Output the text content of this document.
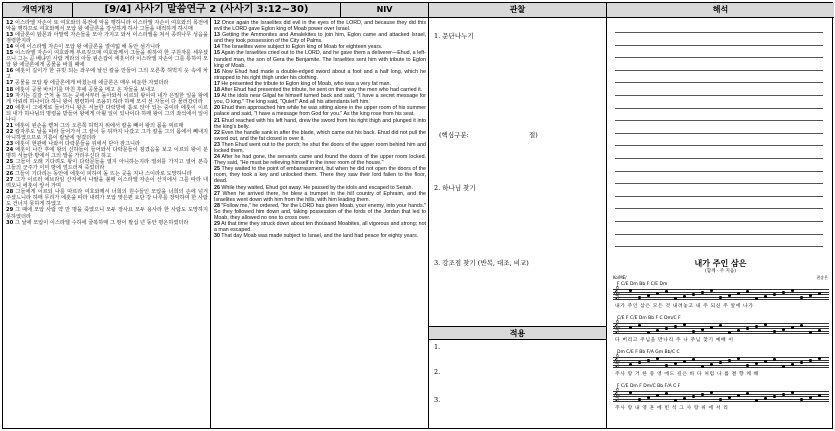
개역개정	[9/4] 사사기 말씀연구 2 (사사기 3:12~30)	NIV	관찰	해석
12 이스라엘 자손이 또 여호와의 목전에 악을 행하니라 이스라엘 자손이 여호와의 목전에 악을 행하므로 여호와께서 모압 왕 에글론을 강성하게 하사 그들을 대적하게 하시매
13 에글론이 암몬과 아말렉 자손들을 모아 가지고 와서 이스라엘을 쳐서 종려나무 성읍을 점령한지라
14 이에 이스라엘 자손이 모압 왕 에글론을 열여덟 해 동안 섬기니라
15 이스라엘 자손이 여호와께 부르짖으매 여호와께서 그들을 위하여 한 구원자를 세우셨으니 그는 곧 베냐민 사람 게라의 아들 왼손잡이 에훗이라 이스라엘 자손이 그를 통하여 모압 왕 에글론에게 공물을 바칠 때에
16 에훗이 길이가 한 규빗 되는 좌우에 날선 칼을 만들어 그의 오른쪽 허벅지 옷 속에 차고
17 공물을 모압 왕 에글론에게 바쳤는데 에글론은 매우 비둔한 자였더라
18 에훗이 공물 바치기를 마친 후에 공물을 메고 온 자들을 보내고
19 자기는 길갈 근처 돌 뜨는 곳에서부터 돌아와서 이르되 왕이여 내가 은밀한 일을 왕에게 아뢰려 하나이다 하니 왕이 명령하여 조용히 하라 하매 모셔 선 자들이 다 물러갔더라
20 에훗이 그에게로 들어가니 왕은 서늘한 다락방에 홀로 앉아 있는 중이라 에훗이 이르되 내가 하나님의 명령을 받들어 왕에게 아뢸 일이 있나이다 하매 왕이 그의 좌석에서 일어나니
21 에훗이 왼손을 뻗쳐 그의 오른쪽 허벅지 위에서 칼을 빼어 왕의 몸을 찌르매
22 칼자루도 날을 따라 들어가서 그 끝이 등 뒤까지 나갔고 그가 칼을 그의 몸에서 빼내지 아니하였으므로 기름이 칼날에 엉겼더라
23 에훗이 현관에 나와서 다락문들을 뒤에서 닫아 잠그니라
24 에훗이 나간 후에 왕의 신하들이 들어와서 다락문들이 잠겼음을 보고 이르되 왕이 분명히 서늘한 방에서 그의 발을 가리우신다 하고
25 그들이 오래 기다려도 왕이 다락문들을 열지 아니하는지라 열쇠를 가지고 열어 본즉 그들의 군주가 이미 땅에 엎드러져 죽었더라
26 그들이 기다리는 동안에 에훗이 피하여 돌 뜨는 곳을 지나 스이라로 도망하니라
27 그가 이르러 에브라임 산지에서 나팔을 불매 이스라엘 자손이 산지에서 그를 따라 내려오니 에훗이 앞서 가며
28 그들에게 이르되 나를 따르라 여호와께서 너희의 원수들인 모압을 너희의 손에 넘겨 주셨느니라 하매 무리가 에훗을 따라 내려가 모압 맞은편 요단 강 나루를 장악하여 한 사람도 건너지 못하게 하였고
29 그 때에 모압 사람 약 만 명을 죽였으니 모두 장사요 모두 용사라 한 사람도 도망하지 못하였더라
30 그 날에 모압이 이스라엘 수하에 굴복하매 그 땅이 팔십 년 동안 평온하였더라
12 Once again the Israelites did evil in the eyes of the LORD, and because they did this evil the LORD gave Eglon king of Moab power over Israel.
13 Getting the Ammonites and Amalekites to join him, Eglon came and attacked Israel, and they took possession of the City of Palms.
14 The Israelites were subject to Eglon king of Moab for eighteen years.
15 Again the Israelites cried out to the LORD, and he gave them a deliverer—Ehud, a left-handed man, the son of Gera the Benjamite. The Israelites sent him with tribute to Eglon king of Moab.
16 Now Ehud had made a double-edged sword about a foot and a half long, which he strapped to his right thigh under his clothing.
17 He presented the tribute to Eglon king of Moab, who was a very fat man.
18 After Ehud had presented the tribute, he sent on their way the men who had carried it.
19 At the idols near Gilgal he himself turned back and said, "I have a secret message for you, O king." The king said, "Quiet!" And all his attendants left him.
20 Ehud then approached him while he was sitting alone in the upper room of his summer palace and said, "I have a message from God for you." As the king rose from his seat,
21 Ehud reached with his left hand, drew the sword from his right thigh and plunged it into the king's belly.
22 Even the handle sank in after the blade, which came out his back. Ehud did not pull the sword out, and the fat closed in over it.
23 Then Ehud went out to the porch; he shut the doors of the upper room behind him and locked them.
24 After he had gone, the servants came and found the doors of the upper room locked. They said, "He must be relieving himself in the inner room of the house."
25 They waited to the point of embarrassment, but when he did not open the doors of the room, they took a key and unlocked them. There they saw their lord fallen to the floor, dead.
26 While they waited, Ehud got away. He passed by the idols and escaped to Seirah.
27 When he arrived there, he blew a trumpet in the hill country of Ephraim, and the Israelites went down with him from the hills, with him leading them.
28 "Follow me," he ordered, "for the LORD has given Moab, your enemy, into your hands." So they followed him down and, taking possession of the fords of the Jordan that led to Moab, they allowed no one to cross over.
29 At that time they struck down about ten thousand Moabites, all vigorous and strong; not a man escaped.
30 That day Moab was made subject to Israel, and the land had peace for eighty years.
1. 문단나누기
(핵심구분:	절)
2. 하나님 찾기
3. 강조점 찾기 (반복, 대조, 비교)
적용
1.
2.
3.
내가 주인 삼은
(함께 · 주 지음)
Ko/ME/	편송은
F C/E Dm Bb F C/E Dm
𝄞
내가 주인 삼은 모든 것 내려놓고 내 주 되신 주 앞에 나가
C/E F C/E Dm Bb F C Dm/C F
𝄞
다 버리고 주님을 만나리 주 나 주님 찾기 예배 이
Dm C/E F Bb F/A Gm Bb/C C
𝄞
주사 랑 거 한 풍 영 에도 깊은 바 다 처럼 나 를 결 향 케 해
F C/E Dm F Dm/C Bb F/A C F
𝄞
주사 랑 내 영 혼 에 빈 석 그 사 랑 위 에 서 리
